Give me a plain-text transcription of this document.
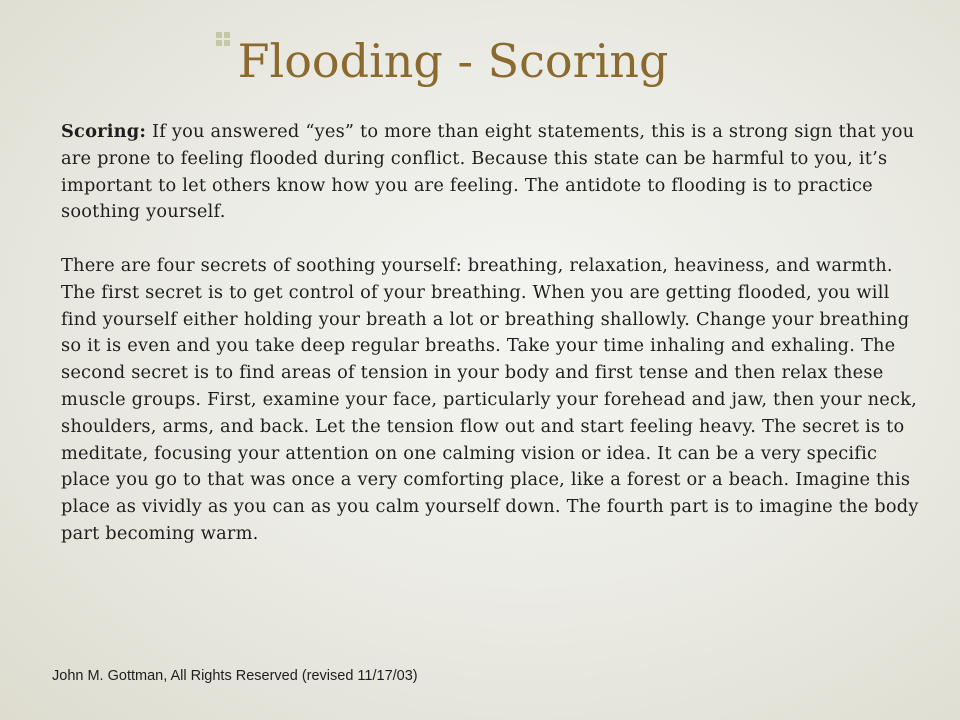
Flooding - Scoring

Scoring: If you answered “yes” to more than eight statements, this is a strong sign that you are prone to feeling flooded during conflict. Because this state can be harmful to you, it’s important to let others know how you are feeling. The antidote to flooding is to practice soothing yourself.

There are four secrets of soothing yourself: breathing, relaxation, heaviness, and warmth. The first secret is to get control of your breathing. When you are getting flooded, you will find yourself either holding your breath a lot or breathing shallowly. Change your breathing so it is even and you take deep regular breaths. Take your time inhaling and exhaling. The second secret is to find areas of tension in your body and first tense and then relax these muscle groups. First, examine your face, particularly your forehead and jaw, then your neck, shoulders, arms, and back. Let the tension flow out and start feeling heavy. The secret is to meditate, focusing your attention on one calming vision or idea. It can be a very specific place you go to that was once a very comforting place, like a forest or a beach. Imagine this place as vividly as you can as you calm yourself down. The fourth part is to imagine the body part becoming warm.

John M. Gottman, All Rights Reserved (revised 11/17/03)
